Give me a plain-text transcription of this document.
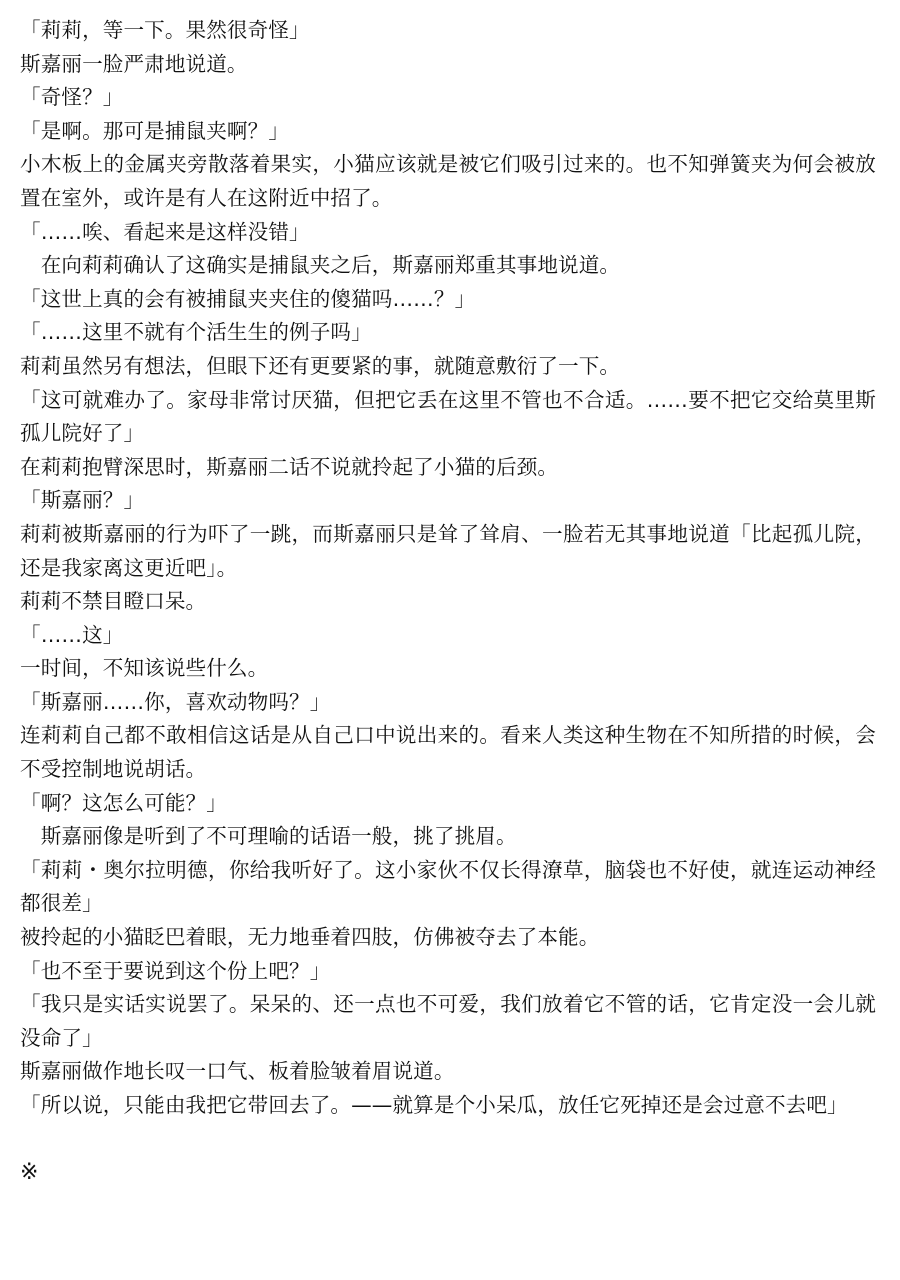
「莉莉，等一下。果然很奇怪」

斯嘉丽一脸严肃地说道。

「奇怪？」

「是啊。那可是捕鼠夹啊？」

小木板上的金属夹旁散落着果实，小猫应该就是被它们吸引过来的。也不知弹簧夹为何会被放置在室外，或许是有人在这附近中招了。

「……唉、看起来是这样没错」

　在向莉莉确认了这确实是捕鼠夹之后，斯嘉丽郑重其事地说道。

「这世上真的会有被捕鼠夹夹住的傻猫吗……？」

「……这里不就有个活生生的例子吗」

莉莉虽然另有想法，但眼下还有更要紧的事，就随意敷衍了一下。

「这可就难办了。家母非常讨厌猫，但把它丢在这里不管也不合适。……要不把它交给莫里斯孤儿院好了」

在莉莉抱臂深思时，斯嘉丽二话不说就拎起了小猫的后颈。

「斯嘉丽？」

莉莉被斯嘉丽的行为吓了一跳，而斯嘉丽只是耸了耸肩、一脸若无其事地说道「比起孤儿院，还是我家离这更近吧」。

莉莉不禁目瞪口呆。

「……这」

一时间，不知该说些什么。

「斯嘉丽……你，喜欢动物吗？」

连莉莉自己都不敢相信这话是从自己口中说出来的。看来人类这种生物在不知所措的时候，会不受控制地说胡话。

「啊？这怎么可能？」

　斯嘉丽像是听到了不可理喻的话语一般，挑了挑眉。

「莉莉・奥尔拉明德，你给我听好了。这小家伙不仅长得潦草，脑袋也不好使，就连运动神经都很差」

被拎起的小猫眨巴着眼，无力地垂着四肢，仿佛被夺去了本能。

「也不至于要说到这个份上吧？」

「我只是实话实说罢了。呆呆的、还一点也不可爱，我们放着它不管的话，它肯定没一会儿就没命了」

斯嘉丽做作地长叹一口气、板着脸皱着眉说道。

「所以说，只能由我把它带回去了。——就算是个小呆瓜，放任它死掉还是会过意不去吧」

※
